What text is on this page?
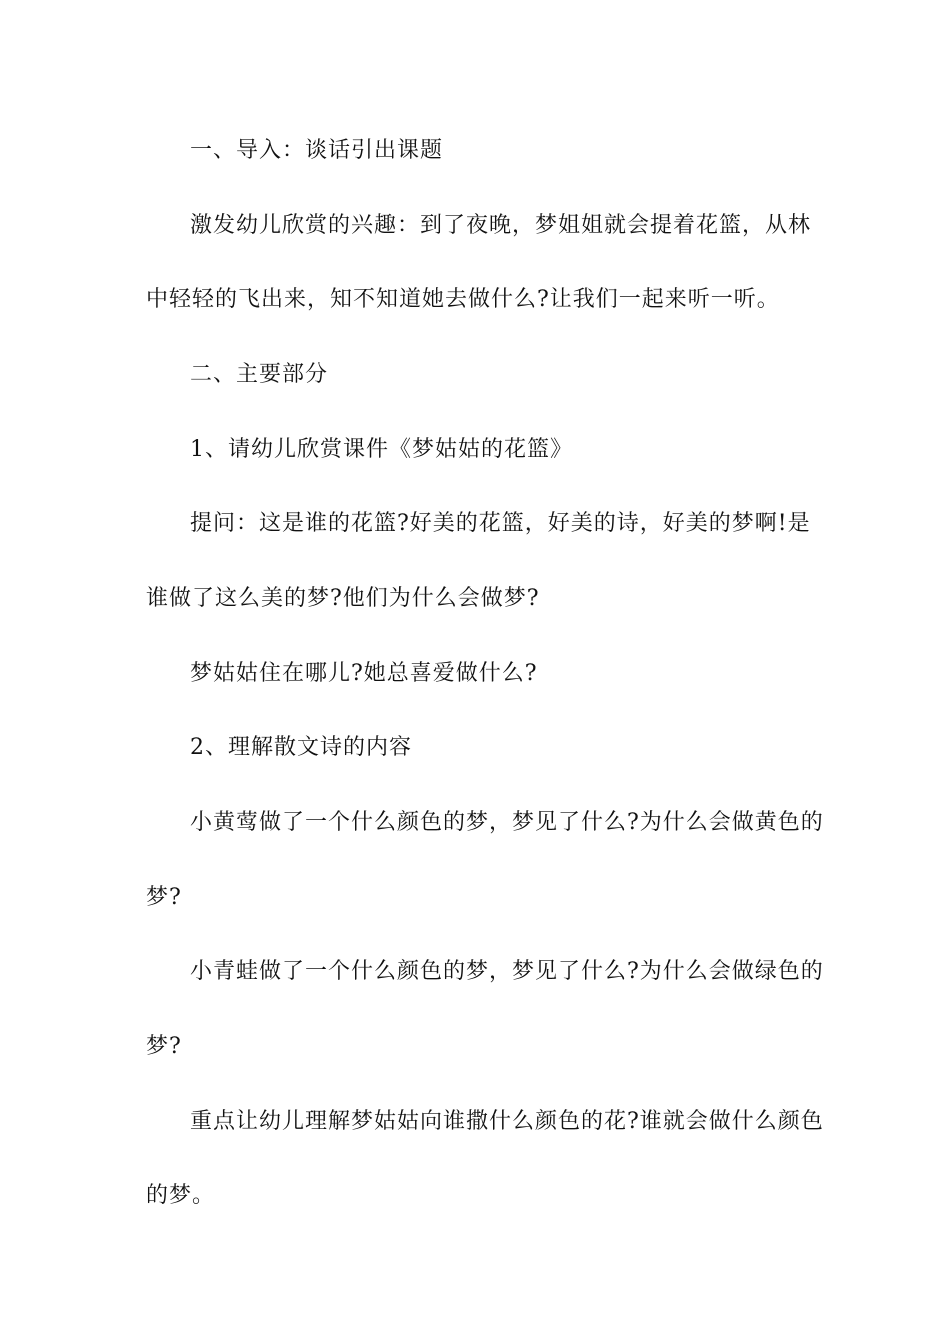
一、导入：谈话引出课题
激发幼儿欣赏的兴趣：到了夜晚，梦姐姐就会提着花篮，从林
中轻轻的飞出来，知不知道她去做什么?让我们一起来听一听。
二、主要部分
1、请幼儿欣赏课件《梦姑姑的花篮》
提问：这是谁的花篮?好美的花篮，好美的诗，好美的梦啊!是
谁做了这么美的梦?他们为什么会做梦?
梦姑姑住在哪儿?她总喜爱做什么?
2、理解散文诗的内容
小黄莺做了一个什么颜色的梦，梦见了什么?为什么会做黄色的
梦?
小青蛙做了一个什么颜色的梦，梦见了什么?为什么会做绿色的
梦?
重点让幼儿理解梦姑姑向谁撒什么颜色的花?谁就会做什么颜色
的梦。
